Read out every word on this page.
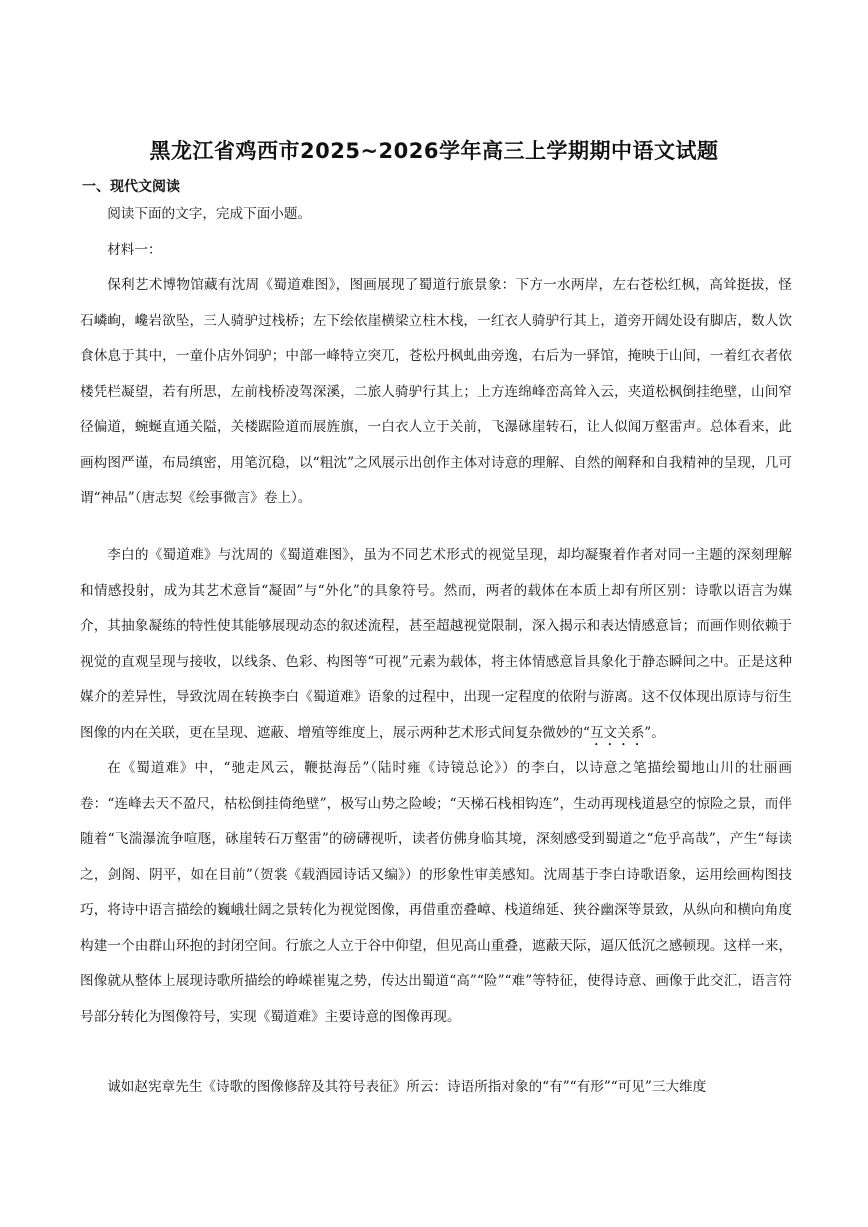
黑龙江省鸡西市2025~2026学年高三上学期期中语文试题
一、现代文阅读

阅读下面的文字，完成下面小题。

材料一：

保利艺术博物馆藏有沈周《蜀道难图》，图画展现了蜀道行旅景象：下方一水两岸，左右苍松红枫，高耸挺拔，怪石嶙峋，巉岩欲坠，三人骑驴过栈桥；左下绘依崖横梁立柱木栈，一红衣人骑驴行其上，道旁开阔处设有脚店，数人饮食休息于其中，一童仆店外饲驴；中部一峰特立突兀，苍松丹枫虬曲旁逸，右后为一驿馆，掩映于山间，一着红衣者依楼凭栏凝望，若有所思，左前栈桥凌驾深溪，二旅人骑驴行其上；上方连绵峰峦高耸入云，夹道松枫倒挂绝壁，山间窄径偏道，蜿蜒直通关隘，关楼踞险道而展旌旗，一白衣人立于关前，飞瀑砯崖转石，让人似闻万壑雷声。总体看来，此画构图严谨，布局缜密，用笔沉稳，以“粗沈”之风展示出创作主体对诗意的理解、自然的阐释和自我精神的呈现，几可谓“神品”（唐志契《绘事微言》卷上）。

李白的《蜀道难》与沈周的《蜀道难图》，虽为不同艺术形式的视觉呈现，却均凝聚着作者对同一主题的深刻理解和情感投射，成为其艺术意旨“凝固”与“外化”的具象符号。然而，两者的载体在本质上却有所区别：诗歌以语言为媒介，其抽象凝练的特性使其能够展现动态的叙述流程，甚至超越视觉限制，深入揭示和表达情感意旨；而画作则依赖于视觉的直观呈现与接收，以线条、色彩、构图等“可视”元素为载体，将主体情感意旨具象化于静态瞬间之中。正是这种媒介的差异性，导致沈周在转换李白《蜀道难》语象的过程中，出现一定程度的依附与游离。这不仅体现出原诗与衍生图像的内在关联，更在呈现、遮蔽、增殖等维度上，展示两种艺术形式间复杂微妙的“互文关系”。

在《蜀道难》中，“驰走风云，鞭挞海岳”（陆时雍《诗镜总论》）的李白，以诗意之笔描绘蜀地山川的壮丽画卷：“连峰去天不盈尺，枯松倒挂倚绝壁”，极写山势之险峻；“天梯石栈相钩连”，生动再现栈道悬空的惊险之景，而伴随着“飞湍瀑流争喧豗，砯崖转石万壑雷”的磅礴视听，读者仿佛身临其境，深刻感受到蜀道之“危乎高哉”，产生“每读之，剑阁、阴平，如在目前”（贺裳《载酒园诗话又编》）的形象性审美感知。沈周基于李白诗歌语象，运用绘画构图技巧，将诗中语言描绘的巍峨壮阔之景转化为视觉图像，再借重峦叠嶂、栈道绵延、狭谷幽深等景致，从纵向和横向角度构建一个由群山环抱的封闭空间。行旅之人立于谷中仰望，但见高山重叠，遮蔽天际，逼仄低沉之感顿现。这样一来，图像就从整体上展现诗歌所描绘的峥嵘崔嵬之势，传达出蜀道“高”“险”“难”等特征，使得诗意、画像于此交汇，语言符号部分转化为图像符号，实现《蜀道难》主要诗意的图像再现。

诚如赵宪章先生《诗歌的图像修辞及其符号表征》所云：诗语所指对象的“有”“有形”“可见”三大维度
